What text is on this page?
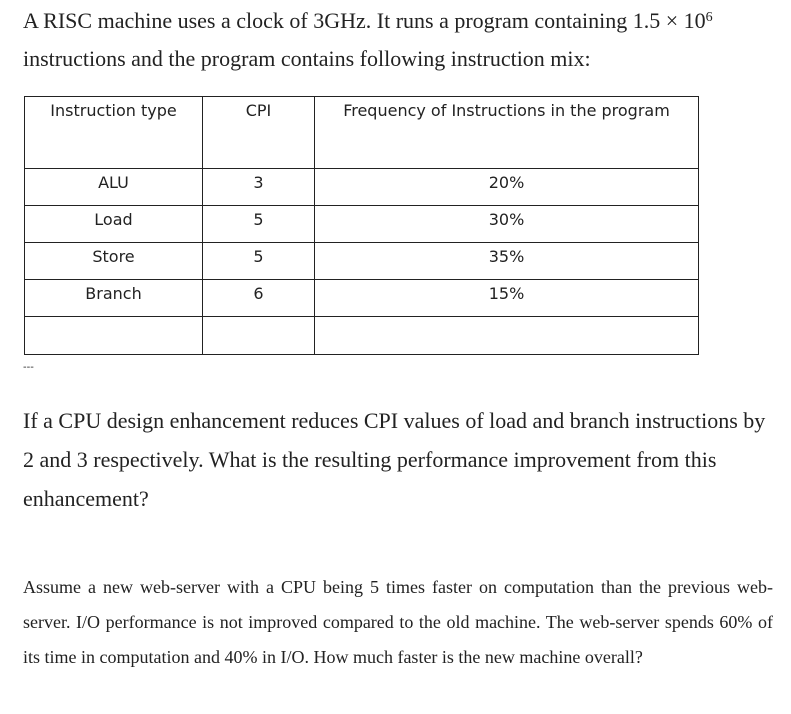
A RISC machine uses a clock of 3GHz. It runs a program containing $1.5 \times 10^6$ instructions and the program contains following instruction mix:

Instruction type	CPI	Frequency of Instructions in the program
ALU	3	20%
Load	5	30%
Store	5	35%
Branch	6	15%

---

If a CPU design enhancement reduces CPI values of load and branch instructions by 2 and 3 respectively. What is the resulting performance improvement from this enhancement?

Assume a new web-server with a CPU being 5 times faster on computation than the previous web-server. I/O performance is not improved compared to the old machine. The web-server spends 60% of its time in computation and 40% in I/O. How much faster is the new machine overall?
